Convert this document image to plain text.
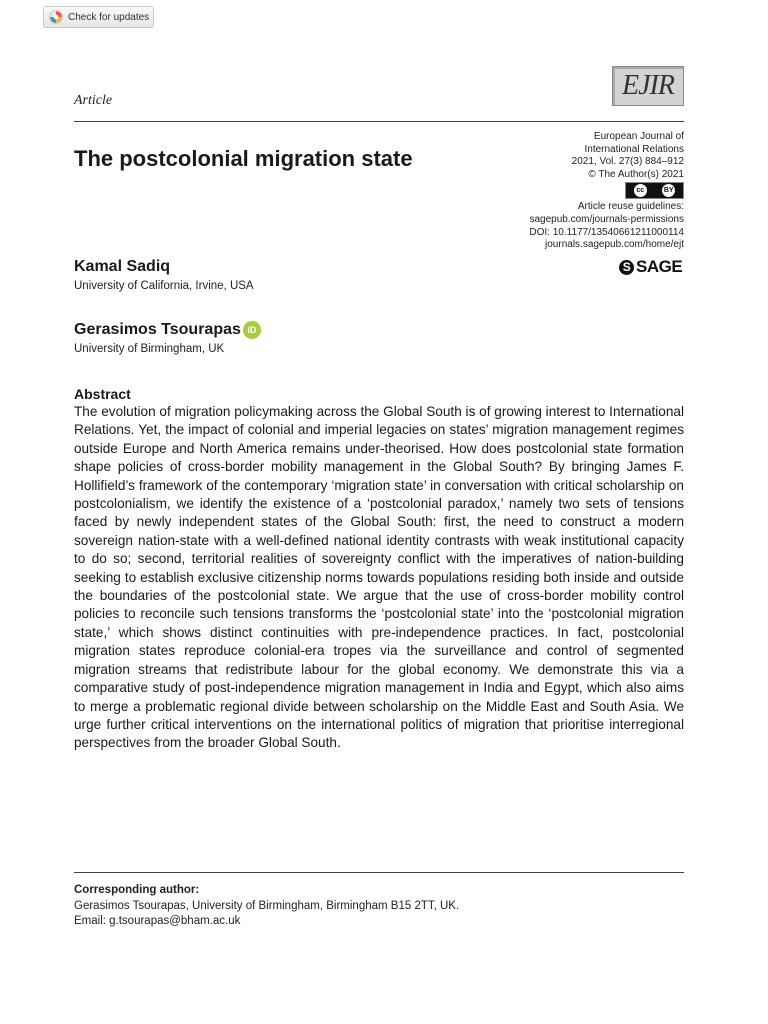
Check for updates
EJIR
Article
The postcolonial migration state
European Journal of
International Relations
2021, Vol. 27(3) 884–912
© The Author(s) 2021
cc	BY
Article reuse guidelines:
sagepub.com/journals-permissions
DOI: 10.1177/13540661211000114
journals.sagepub.com/home/ejt
S SAGE
Kamal Sadiq
University of California, Irvine, USA
Gerasimos Tsourapas iD
University of Birmingham, UK
Abstract

The evolution of migration policymaking across the Global South is of growing interest to International Relations. Yet, the impact of colonial and imperial legacies on states’ migration management regimes outside Europe and North America remains under-theorised. How does postcolonial state formation shape policies of cross-border mobility management in the Global South? By bringing James F. Hollifield’s framework of the contemporary ‘migration state’ in conversation with critical scholarship on postcolonialism, we identify the existence of a ‘postcolonial paradox,’ namely two sets of tensions faced by newly independent states of the Global South: first, the need to construct a modern sovereign nation-state with a well-defined national identity contrasts with weak institutional capacity to do so; second, territorial realities of sovereignty conflict with the imperatives of nation-building seeking to establish exclusive citizenship norms towards populations residing both inside and outside the boundaries of the postcolonial state. We argue that the use of cross-border mobility control policies to reconcile such tensions transforms the ‘postcolonial state’ into the ‘postcolonial migration state,’ which shows distinct continuities with pre-independence practices. In fact, postcolonial migration states reproduce colonial-era tropes via the surveillance and control of segmented migration streams that redistribute labour for the global economy. We demonstrate this via a comparative study of post-independence migration management in India and Egypt, which also aims to merge a problematic regional divide between scholarship on the Middle East and South Asia. We urge further critical interventions on the international politics of migration that prioritise interregional perspectives from the broader Global South.

Corresponding author:
Gerasimos Tsourapas, University of Birmingham, Birmingham B15 2TT, UK.
Email: g.tsourapas@bham.ac.uk
